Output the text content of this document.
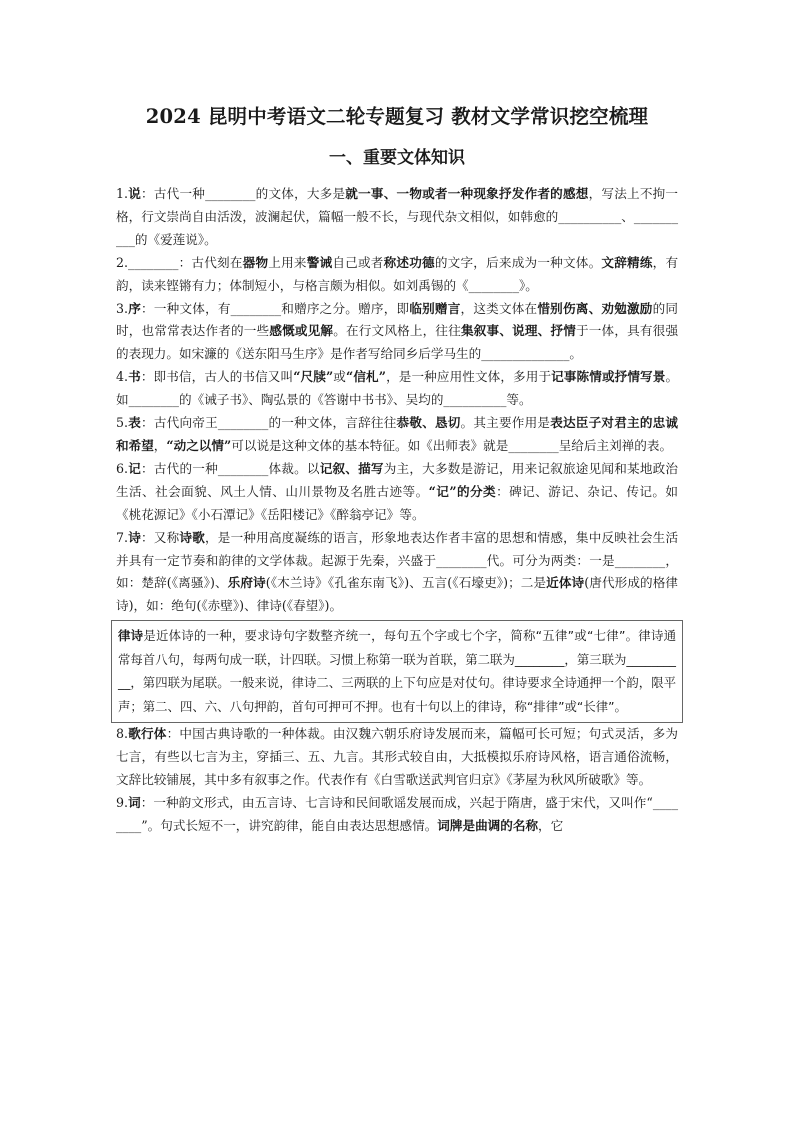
2024 昆明中考语文二轮专题复习 教材文学常识挖空梳理
一、重要文体知识
1.说：古代一种________的文体，大多是就一事、一物或者一种现象抒发作者的感想，写法上不拘一格，行文崇尚自由活泼，波澜起伏，篇幅一般不长，与现代杂文相似，如韩愈的__________、__________的《爱莲说》。
2.________：古代刻在器物上用来警诫自己或者称述功德的文字，后来成为一种文体。文辞精练，有韵，读来铿锵有力；体制短小，与格言颇为相似。如刘禹锡的《________》。
3.序：一种文体，有________和赠序之分。赠序，即临别赠言，这类文体在惜别伤离、劝勉激励的同时，也常常表达作者的一些感慨或见解。在行文风格上，往往集叙事、说理、抒情于一体，具有很强的表现力。如宋濂的《送东阳马生序》是作者写给同乡后学马生的______________。
4.书：即书信，古人的书信又叫“尺牍”或“信札”，是一种应用性文体，多用于记事陈情或抒情写景。如________的《诫子书》、陶弘景的《答谢中书书》、吴均的__________等。
5.表：古代向帝王________的一种文体，言辞往往恭敬、恳切。其主要作用是表达臣子对君主的忠诚和希望，“动之以情”可以说是这种文体的基本特征。如《出师表》就是________呈给后主刘禅的表。
6.记：古代的一种________体裁。以记叙、描写为主，大多数是游记，用来记叙旅途见闻和某地政治生活、社会面貌、风土人情、山川景物及名胜古迹等。“记”的分类：碑记、游记、杂记、传记。如《桃花源记》《小石潭记》《岳阳楼记》《醉翁亭记》等。
7.诗：又称诗歌，是一种用高度凝练的语言，形象地表达作者丰富的思想和情感，集中反映社会生活并具有一定节奏和韵律的文学体裁。起源于先秦，兴盛于________代。可分为两类：一是________，如：楚辞(《离骚》)、乐府诗(《木兰诗》《孔雀东南飞》)、五言(《石壕吏》)；二是近体诗(唐代形成的格律诗)，如：绝句(《赤壁》)、律诗(《春望》)。
律诗是近体诗的一种，要求诗句字数整齐统一，每句五个字或七个字，简称“五律”或“七律”。律诗通常每首八句，每两句成一联，计四联。习惯上称第一联为首联，第二联为________，第三联为__________，第四联为尾联。一般来说，律诗二、三两联的上下句应是对仗句。律诗要求全诗通押一个韵，限平声；第二、四、六、八句押韵，首句可押可不押。也有十句以上的律诗，称“排律”或“长律”。
8.歌行体：中国古典诗歌的一种体裁。由汉魏六朝乐府诗发展而来，篇幅可长可短；句式灵活，多为七言，有些以七言为主，穿插三、五、九言。其形式较自由，大抵模拟乐府诗风格，语言通俗流畅，文辞比较铺展，其中多有叙事之作。代表作有《白雪歌送武判官归京》《茅屋为秋风所破歌》等。
9.词：一种韵文形式，由五言诗、七言诗和民间歌谣发展而成，兴起于隋唐，盛于宋代，又叫作“________”。句式长短不一，讲究韵律，能自由表达思想感情。词牌是曲调的名称，它
